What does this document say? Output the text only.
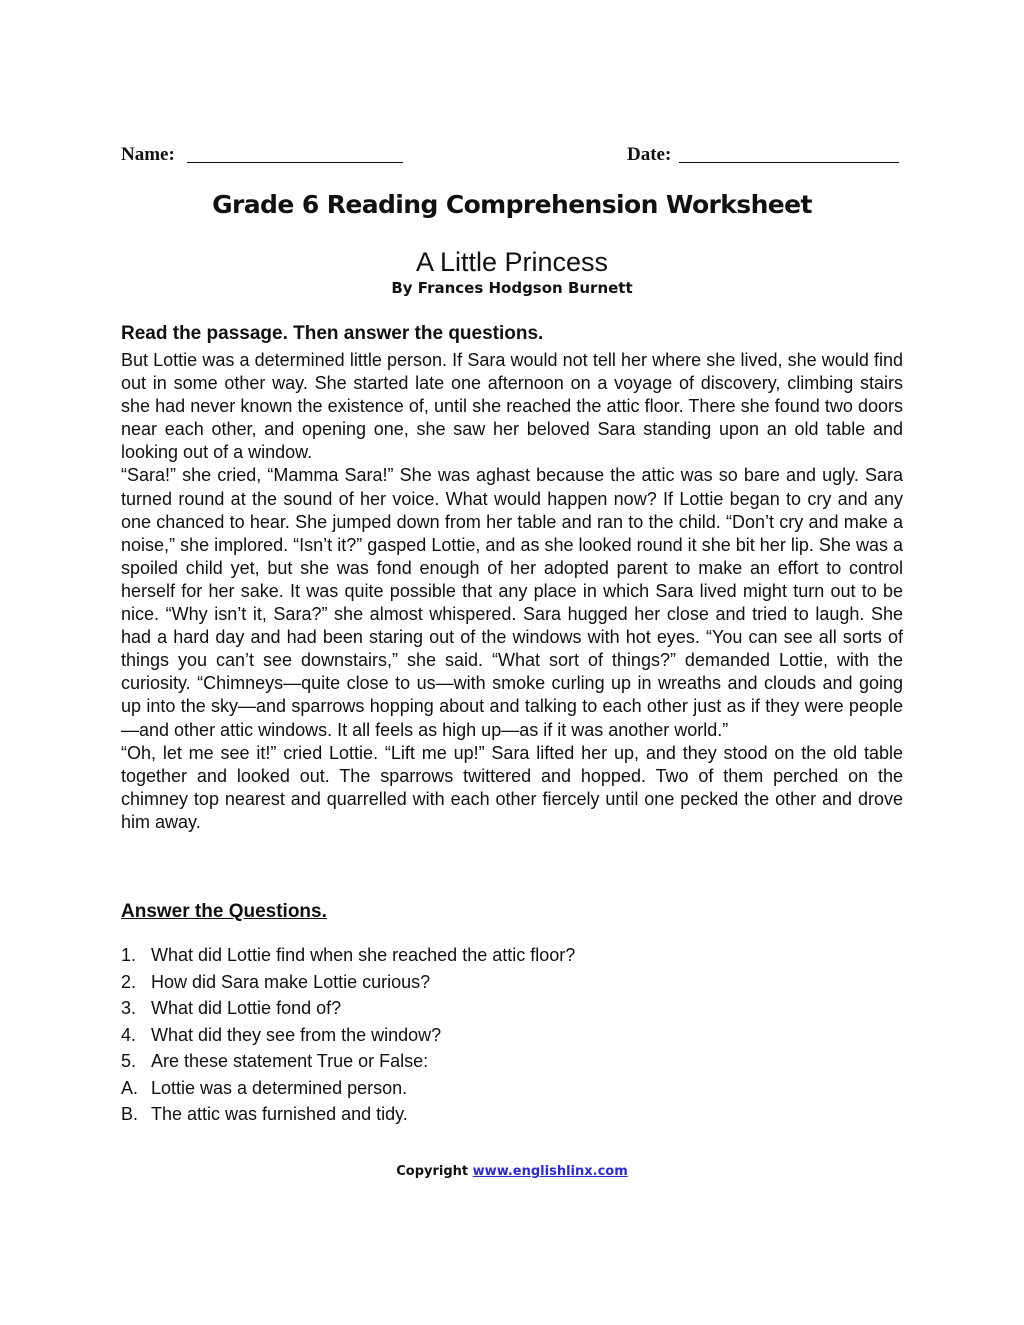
Name:	Date:
Grade 6 Reading Comprehension Worksheet
A Little Princess
By Frances Hodgson Burnett
Read the passage. Then answer the questions.

But Lottie was a determined little person. If Sara would not tell her where she lived, she would find out in some other way. She started late one afternoon on a voyage of discovery, climbing stairs she had never known the existence of, until she reached the attic floor. There she found two doors near each other, and opening one, she saw her beloved Sara standing upon an old table and looking out of a window.

“Sara!” she cried, “Mamma Sara!” She was aghast because the attic was so bare and ugly. Sara turned round at the sound of her voice. What would happen now? If Lottie began to cry and any one chanced to hear. She jumped down from her table and ran to the child. “Don’t cry and make a noise,” she implored. “Isn’t it?” gasped Lottie, and as she looked round it she bit her lip. She was a spoiled child yet, but she was fond enough of her adopted parent to make an effort to control herself for her sake. It was quite possible that any place in which Sara lived might turn out to be nice. “Why isn’t it, Sara?” she almost whispered. Sara hugged her close and tried to laugh. She had a hard day and had been staring out of the windows with hot eyes. “You can see all sorts of things you can’t see downstairs,” she said. “What sort of things?” demanded Lottie, with the curiosity. “Chimneys—quite close to us—with smoke curling up in wreaths and clouds and going up into the sky—and sparrows hopping about and talking to each other just as if they were people—and other attic windows. It all feels as high up—as if it was another world.”

“Oh, let me see it!” cried Lottie. “Lift me up!” Sara lifted her up, and they stood on the old table together and looked out. The sparrows twittered and hopped. Two of them perched on the chimney top nearest and quarrelled with each other fiercely until one pecked the other and drove him away.

Answer the Questions.
1. What did Lottie find when she reached the attic floor?
2. How did Sara make Lottie curious?
3. What did Lottie fond of?
4. What did they see from the window?
5. Are these statement True or False:
A. Lottie was a determined person.
B. The attic was furnished and tidy.
Copyright www.englishlinx.com
